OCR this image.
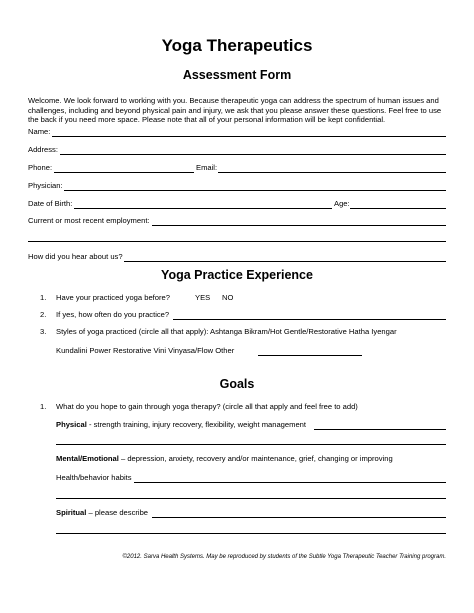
Yoga Therapeutics
Assessment Form
Welcome. We look forward to working with you. Because therapeutic yoga can address the spectrum of human issues and challenges, including and beyond physical pain and injury, we ask that you please answer these questions. Feel free to use the back if you need more space. Please note that all of your personal information will be kept confidential.
Name:
Address:
Phone:	Email:
Physician:
Date of Birth:	Age:
Current or most recent employment:
How did you hear about us?
Yoga Practice Experience
1. Have your practiced yoga before?	YES NO
2. If yes, how often do you practice?
3. Styles of yoga practiced (circle all that apply): Ashtanga Bikram/Hot Gentle/Restorative Hatha Iyengar
Kundalini Power Restorative Vini Vinyasa/Flow Other
Goals
1. What do you hope to gain through yoga therapy? (circle all that apply and feel free to add)
Physical - strength training, injury recovery, flexibility, weight management
Mental/Emotional – depression, anxiety, recovery and/or maintenance, grief, changing or improving
Health/behavior habits
Spiritual – please describe
©2012. Sarva Health Systems. May be reproduced by students of the Subtle Yoga Therapeutic Teacher Training program.
